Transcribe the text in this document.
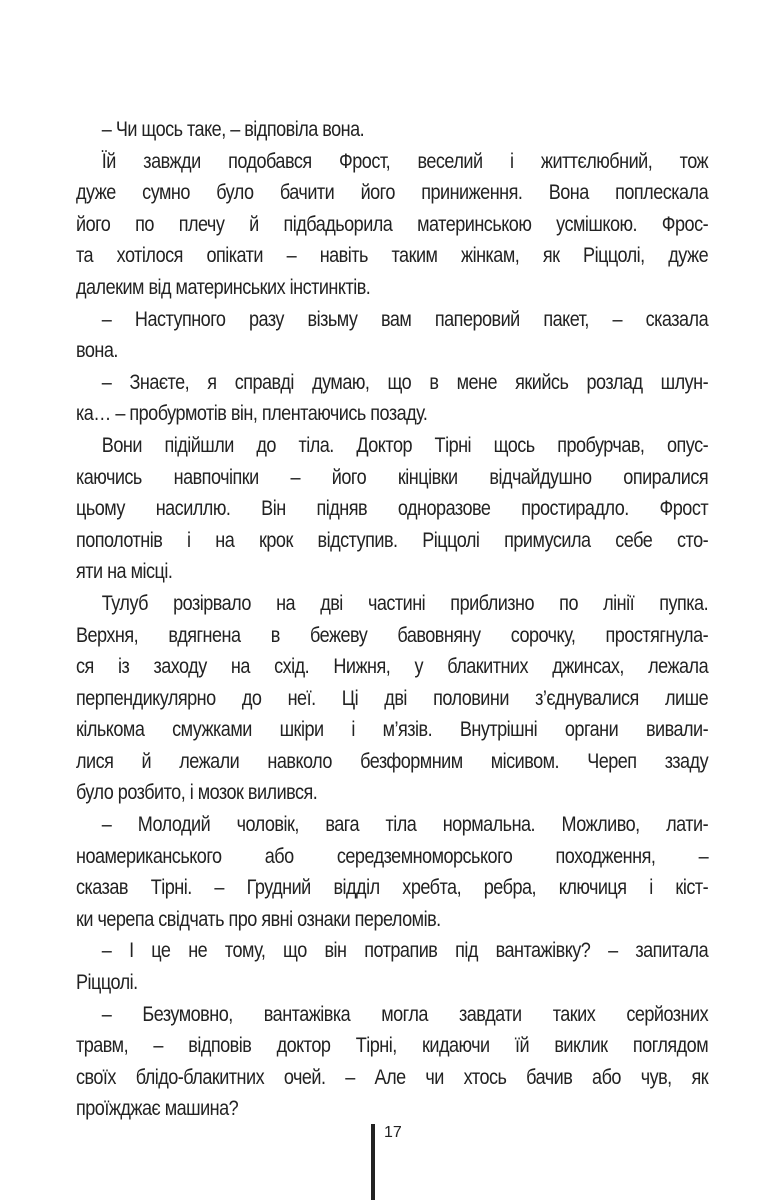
– Чи щось таке, – відповіла вона.
Їй завжди подобався Фрост, веселий і життєлюбний, тож
дуже сумно було бачити його приниження. Вона поплескала
його по плечу й підбадьорила материнською усмішкою. Фрос-
та хотілося опікати – навіть таким жінкам, як Ріццолі, дуже
далеким від материнських інстинктів.
– Наступного разу візьму вам паперовий пакет, – сказала
вона.
– Знаєте, я справді думаю, що в мене якийсь розлад шлун-
ка… – пробурмотів він, плентаючись позаду.
Вони підійшли до тіла. Доктор Тірні щось пробурчав, опус-
каючись навпочіпки – його кінцівки відчайдушно опиралися
цьому насиллю. Він підняв одноразове простирадло. Фрост
пополотнів і на крок відступив. Ріццолі примусила себе сто-
яти на місці.
Тулуб розірвало на дві частині приблизно по лінії пупка.
Верхня, вдягнена в бежеву бавовняну сорочку, простягнула-
ся із заходу на схід. Нижня, у блакитних джинсах, лежала
перпендикулярно до неї. Ці дві половини з’єднувалися лише
кількома смужками шкіри і м’язів. Внутрішні органи вивали-
лися й лежали навколо безформним місивом. Череп ззаду
було розбито, і мозок вилився.
– Молодий чоловік, вага тіла нормальна. Можливо, лати-
ноамериканського або середземноморського походження, –
сказав Тірні. – Грудний відділ хребта, ребра, ключиця і кіст-
ки черепа свідчать про явні ознаки переломів.
– І це не тому, що він потрапив під вантажівку? – запитала
Ріццолі.
– Безумовно, вантажівка могла завдати таких серйозних
травм, – відповів доктор Тірні, кидаючи їй виклик поглядом
своїх блідо-блакитних очей. – Але чи хтось бачив або чув, як
проїжджає машина?
17
